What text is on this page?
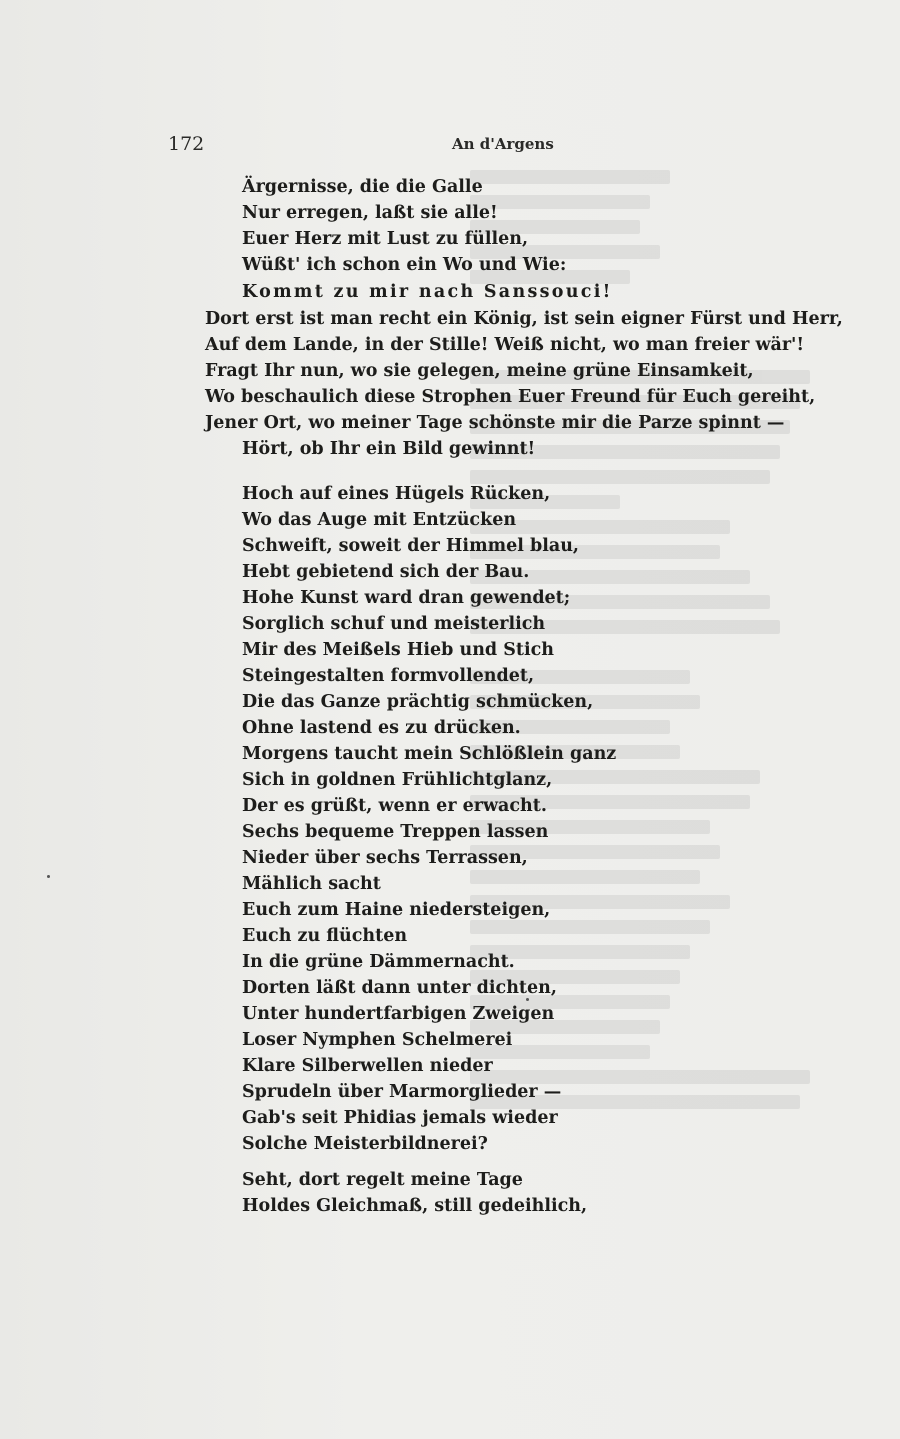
172	An d'Argens
Ärgernisse, die die Galle
Nur erregen, laßt sie alle!
Euer Herz mit Lust zu füllen,
Wüßt' ich schon ein Wo und Wie:
Kommt zu mir nach Sanssouci!
Dort erst ist man recht ein König, ist sein eigner Fürst und Herr,
Auf dem Lande, in der Stille! Weiß nicht, wo man freier wär'!
Fragt Ihr nun, wo sie gelegen, meine grüne Einsamkeit,
Wo beschaulich diese Strophen Euer Freund für Euch gereiht,
Jener Ort, wo meiner Tage schönste mir die Parze spinnt —
Hört, ob Ihr ein Bild gewinnt!
Hoch auf eines Hügels Rücken,
Wo das Auge mit Entzücken
Schweift, soweit der Himmel blau,
Hebt gebietend sich der Bau.
Hohe Kunst ward dran gewendet;
Sorglich schuf und meisterlich
Mir des Meißels Hieb und Stich
Steingestalten formvollendet,
Die das Ganze prächtig schmücken,
Ohne lastend es zu drücken.
Morgens taucht mein Schlößlein ganz
Sich in goldnen Frühlichtglanz,
Der es grüßt, wenn er erwacht.
Sechs bequeme Treppen lassen
Nieder über sechs Terrassen,
Mählich sacht
Euch zum Haine niedersteigen,
Euch zu flüchten
In die grüne Dämmernacht.
Dorten läßt dann unter dichten,
Unter hundertfarbigen Zweigen
Loser Nymphen Schelmerei
Klare Silberwellen nieder
Sprudeln über Marmorglieder —
Gab's seit Phidias jemals wieder
Solche Meisterbildnerei?
Seht, dort regelt meine Tage
Holdes Gleichmaß, still gedeihlich,
